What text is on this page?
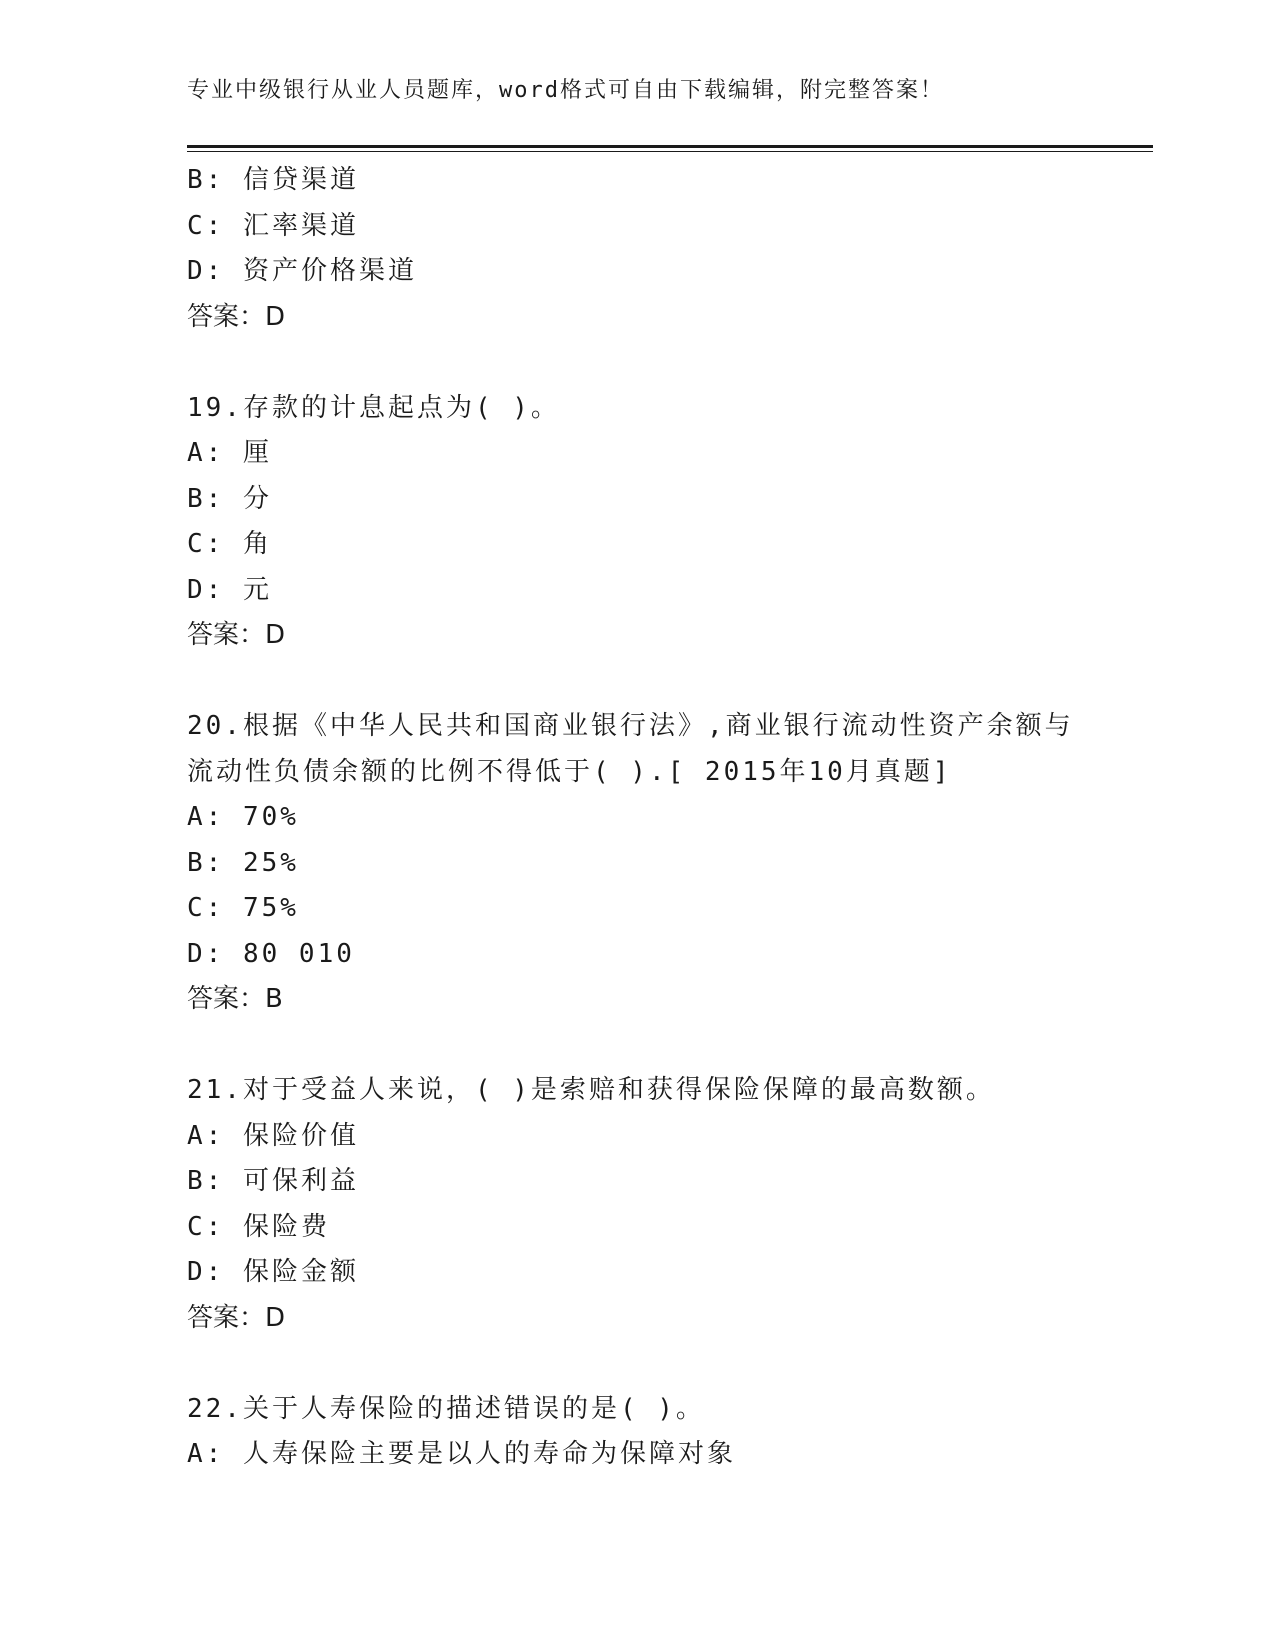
专业中级银行从业人员题库，word格式可自由下载编辑，附完整答案！
B: 信贷渠道
C: 汇率渠道
D: 资产价格渠道
答案：D
19.存款的计息起点为( )。
A: 厘
B: 分
C: 角
D: 元
答案：D
20.根据《中华人民共和国商业银行法》,商业银行流动性资产余额与
流动性负债余额的比例不得低于( ).[ 2015年10月真题]
A: 70%
B: 25%
C: 75%
D: 80 010
答案：B
21.对于受益人来说，( )是索赔和获得保险保障的最高数额。
A: 保险价值
B: 可保利益
C: 保险费
D: 保险金额
答案：D
22.关于人寿保险的描述错误的是( )。
A: 人寿保险主要是以人的寿命为保障对象
